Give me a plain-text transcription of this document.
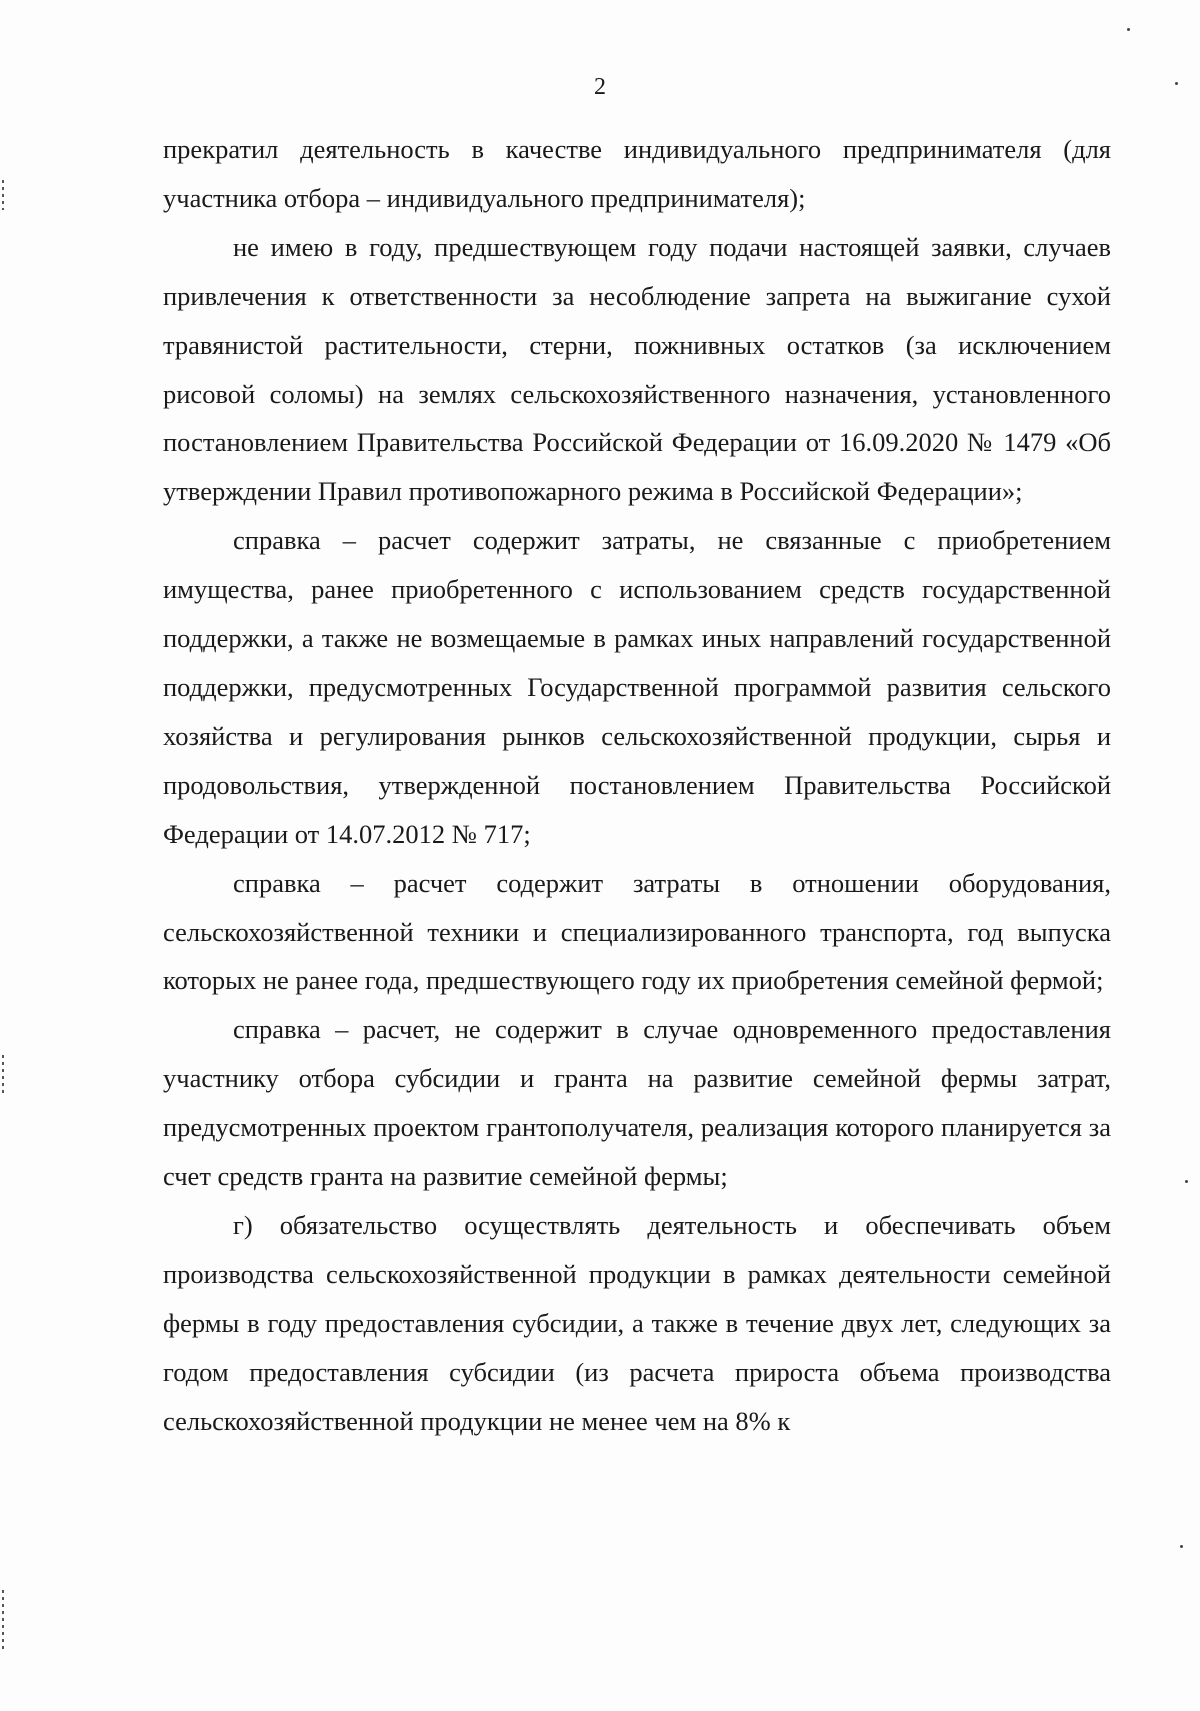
2

прекратил деятельность в качестве индивидуального предпринимателя (для участника отбора – индивидуального предпринимателя);

не имею в году, предшествующем году подачи настоящей заявки, случаев привлечения к ответственности за несоблюдение запрета на выжигание сухой травянистой растительности, стерни, пожнивных остатков (за исключением рисовой соломы) на землях сельскохозяйственного назначения, установленного постановлением Правительства Российской Федерации от 16.09.2020 № 1479 «Об утверждении Правил противопожарного режима в Российской Федерации»;

справка – расчет содержит затраты, не связанные с приобретением имущества, ранее приобретенного с использованием средств государственной поддержки, а также не возмещаемые в рамках иных направлений государственной поддержки, предусмотренных Государственной программой развития сельского хозяйства и регулирования рынков сельскохозяйственной продукции, сырья и продовольствия, утвержденной постановлением Правительства Российской Федерации от 14.07.2012 № 717;

справка – расчет содержит затраты в отношении оборудования, сельскохозяйственной техники и специализированного транспорта, год выпуска которых не ранее года, предшествующего году их приобретения семейной фермой;

справка – расчет, не содержит в случае одновременного предоставления участнику отбора субсидии и гранта на развитие семейной фермы затрат, предусмотренных проектом грантополучателя, реализация которого планируется за счет средств гранта на развитие семейной фермы;

г) обязательство осуществлять деятельность и обеспечивать объем производства сельскохозяйственной продукции в рамках деятельности семейной фермы в году предоставления субсидии, а также в течение двух лет, следующих за годом предоставления субсидии (из расчета прироста объема производства сельскохозяйственной продукции не менее чем на 8% к
